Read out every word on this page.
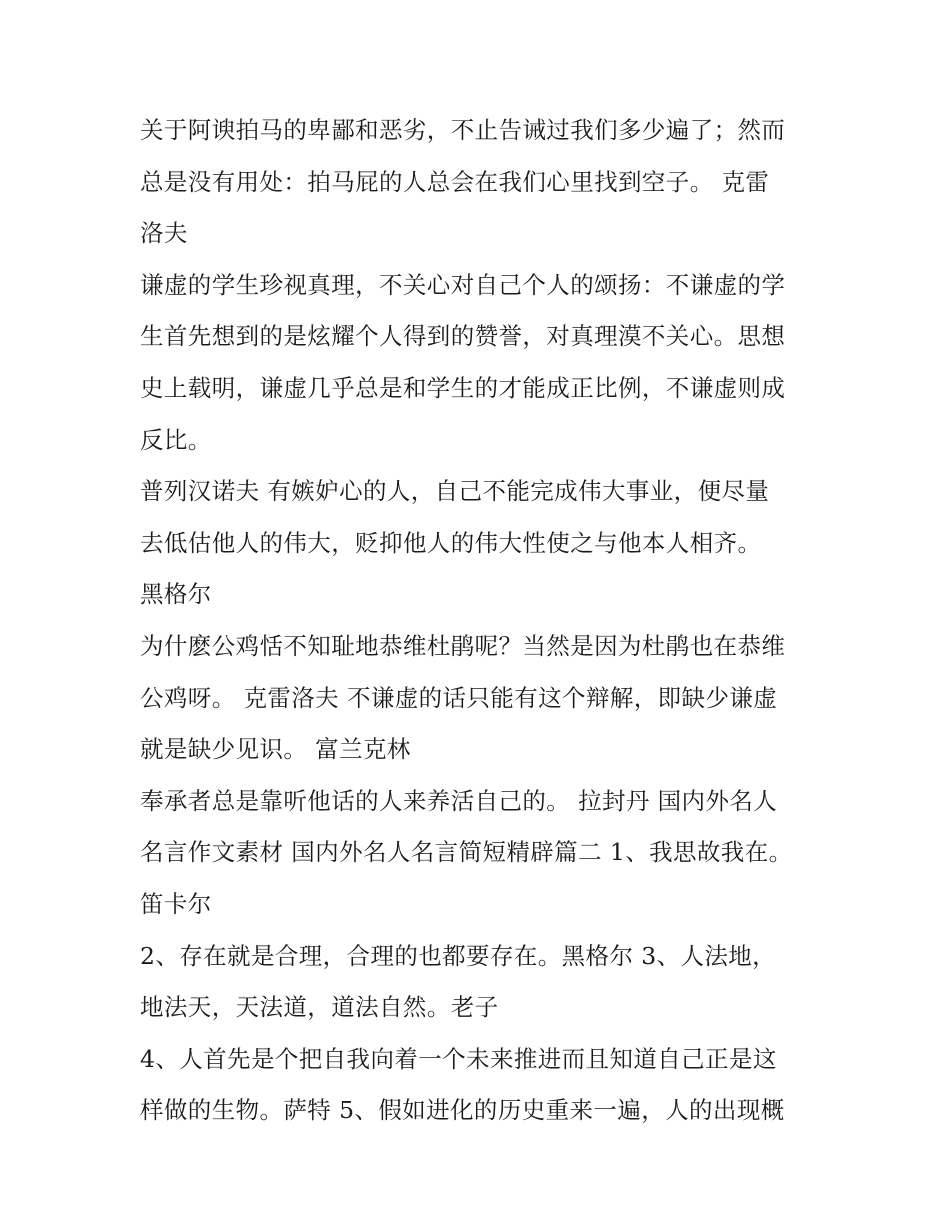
关于阿谀拍马的卑鄙和恶劣，不止告诫过我们多少遍了；然而
总是没有用处：拍马屁的人总会在我们心里找到空子。 克雷
洛夫
谦虚的学生珍视真理，不关心对自己个人的颂扬：不谦虚的学
生首先想到的是炫耀个人得到的赞誉，对真理漠不关心。思想
史上载明，谦虚几乎总是和学生的才能成正比例，不谦虚则成
反比。
普列汉诺夫 有嫉妒心的人，自己不能完成伟大事业，便尽量
去低估他人的伟大，贬抑他人的伟大性使之与他本人相齐。
黑格尔
为什麽公鸡恬不知耻地恭维杜鹃呢？当然是因为杜鹃也在恭维
公鸡呀。 克雷洛夫 不谦虚的话只能有这个辩解，即缺少谦虚
就是缺少见识。 富兰克林
奉承者总是靠听他话的人来养活自己的。 拉封丹 国内外名人
名言作文素材 国内外名人名言简短精辟篇二 1、我思故我在。
笛卡尔
2、存在就是合理，合理的也都要存在。黑格尔 3、人法地，
地法天，天法道，道法自然。老子
4、人首先是个把自我向着一个未来推进而且知道自己正是这
样做的生物。萨特 5、假如进化的历史重来一遍，人的出现概
